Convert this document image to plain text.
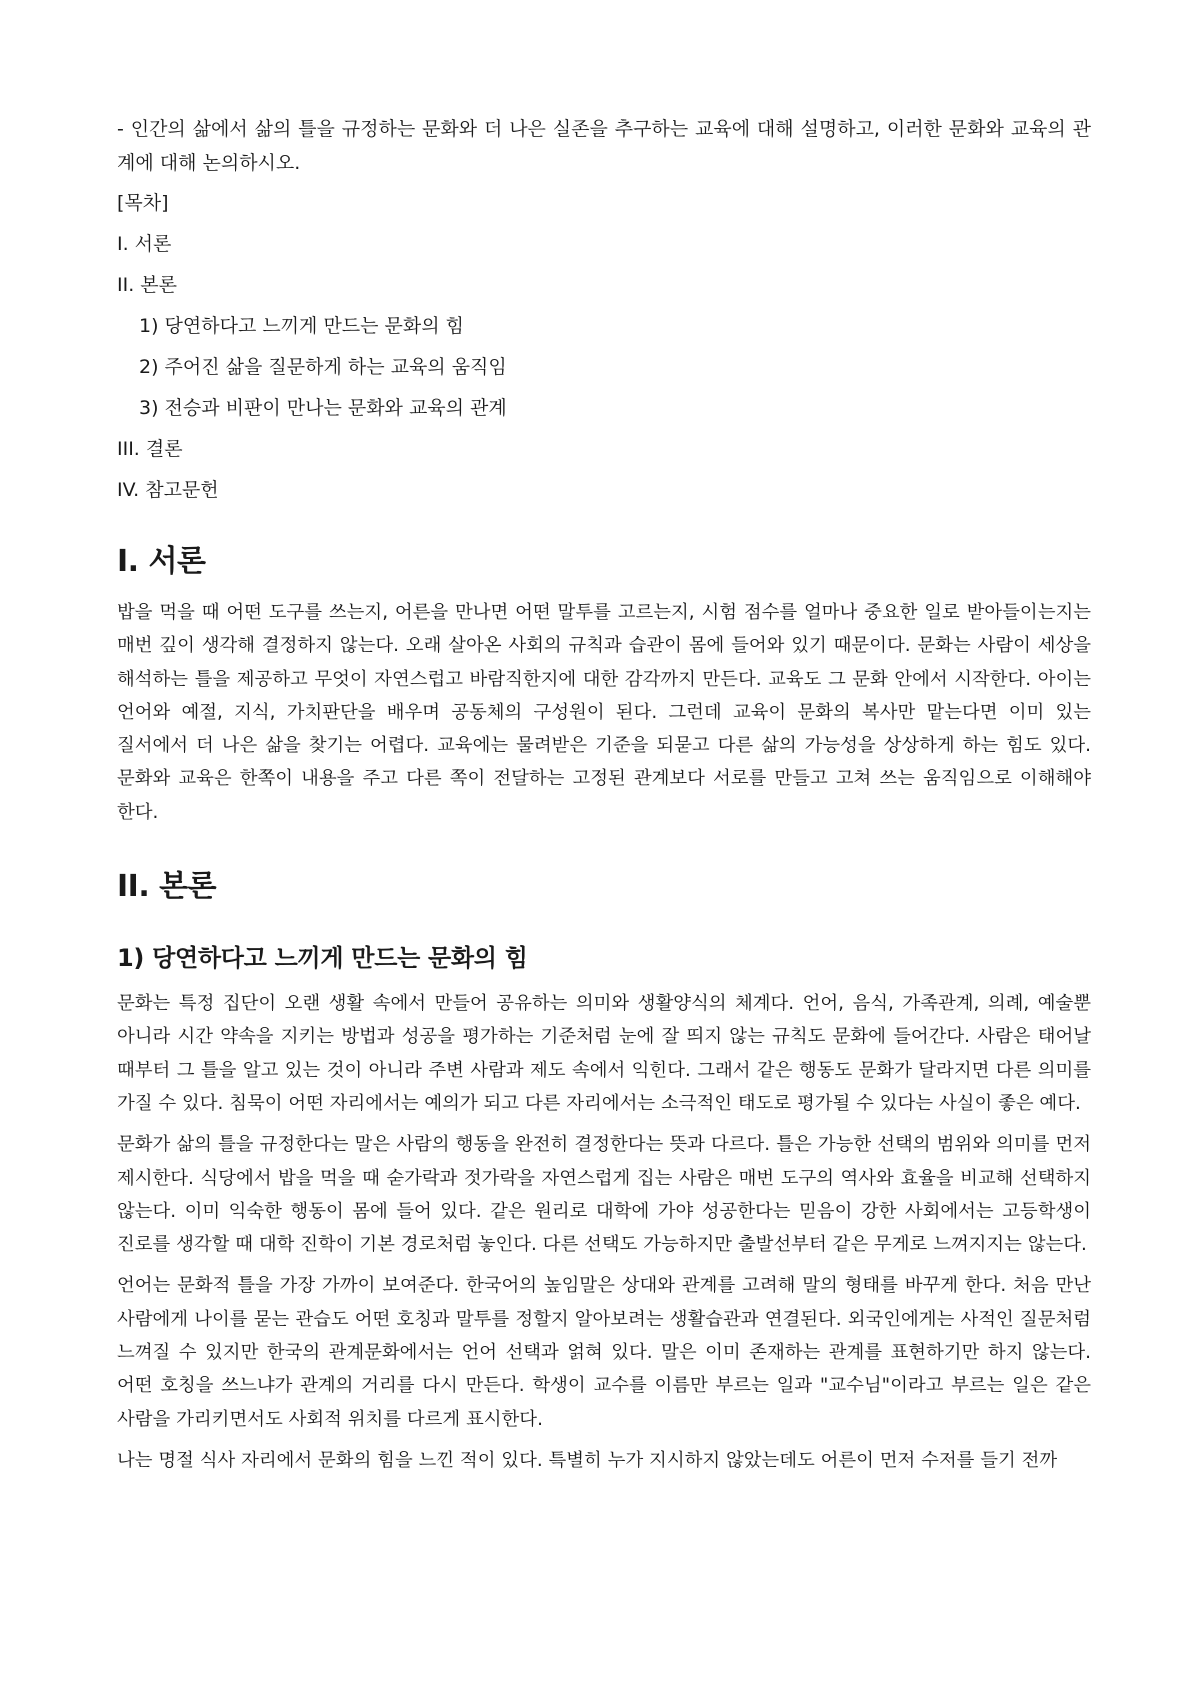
- 인간의 삶에서 삶의 틀을 규정하는 문화와 더 나은 실존을 추구하는 교육에 대해 설명하고, 이러한 문화와 교육의 관계에 대해 논의하시오.

[목차]

I. 서론

II. 본론

1) 당연하다고 느끼게 만드는 문화의 힘

2) 주어진 삶을 질문하게 하는 교육의 움직임

3) 전승과 비판이 만나는 문화와 교육의 관계

III. 결론

IV. 참고문헌

I. 서론

밥을 먹을 때 어떤 도구를 쓰는지, 어른을 만나면 어떤 말투를 고르는지, 시험 점수를 얼마나 중요한 일로 받아들이는지는 매번 깊이 생각해 결정하지 않는다. 오래 살아온 사회의 규칙과 습관이 몸에 들어와 있기 때문이다. 문화는 사람이 세상을 해석하는 틀을 제공하고 무엇이 자연스럽고 바람직한지에 대한 감각까지 만든다. 교육도 그 문화 안에서 시작한다. 아이는 언어와 예절, 지식, 가치판단을 배우며 공동체의 구성원이 된다. 그런데 교육이 문화의 복사만 맡는다면 이미 있는 질서에서 더 나은 삶을 찾기는 어렵다. 교육에는 물려받은 기준을 되묻고 다른 삶의 가능성을 상상하게 하는 힘도 있다. 문화와 교육은 한쪽이 내용을 주고 다른 쪽이 전달하는 고정된 관계보다 서로를 만들고 고쳐 쓰는 움직임으로 이해해야 한다.

II. 본론
1) 당연하다고 느끼게 만드는 문화의 힘

문화는 특정 집단이 오랜 생활 속에서 만들어 공유하는 의미와 생활양식의 체계다. 언어, 음식, 가족관계, 의례, 예술뿐 아니라 시간 약속을 지키는 방법과 성공을 평가하는 기준처럼 눈에 잘 띄지 않는 규칙도 문화에 들어간다. 사람은 태어날 때부터 그 틀을 알고 있는 것이 아니라 주변 사람과 제도 속에서 익힌다. 그래서 같은 행동도 문화가 달라지면 다른 의미를 가질 수 있다. 침묵이 어떤 자리에서는 예의가 되고 다른 자리에서는 소극적인 태도로 평가될 수 있다는 사실이 좋은 예다.

문화가 삶의 틀을 규정한다는 말은 사람의 행동을 완전히 결정한다는 뜻과 다르다. 틀은 가능한 선택의 범위와 의미를 먼저 제시한다. 식당에서 밥을 먹을 때 숟가락과 젓가락을 자연스럽게 집는 사람은 매번 도구의 역사와 효율을 비교해 선택하지 않는다. 이미 익숙한 행동이 몸에 들어 있다. 같은 원리로 대학에 가야 성공한다는 믿음이 강한 사회에서는 고등학생이 진로를 생각할 때 대학 진학이 기본 경로처럼 놓인다. 다른 선택도 가능하지만 출발선부터 같은 무게로 느껴지지는 않는다.

언어는 문화적 틀을 가장 가까이 보여준다. 한국어의 높임말은 상대와 관계를 고려해 말의 형태를 바꾸게 한다. 처음 만난 사람에게 나이를 묻는 관습도 어떤 호칭과 말투를 정할지 알아보려는 생활습관과 연결된다. 외국인에게는 사적인 질문처럼 느껴질 수 있지만 한국의 관계문화에서는 언어 선택과 얽혀 있다. 말은 이미 존재하는 관계를 표현하기만 하지 않는다. 어떤 호칭을 쓰느냐가 관계의 거리를 다시 만든다. 학생이 교수를 이름만 부르는 일과 "교수님"이라고 부르는 일은 같은 사람을 가리키면서도 사회적 위치를 다르게 표시한다.

나는 명절 식사 자리에서 문화의 힘을 느낀 적이 있다. 특별히 누가 지시하지 않았는데도 어른이 먼저 수저를 들기 전까
